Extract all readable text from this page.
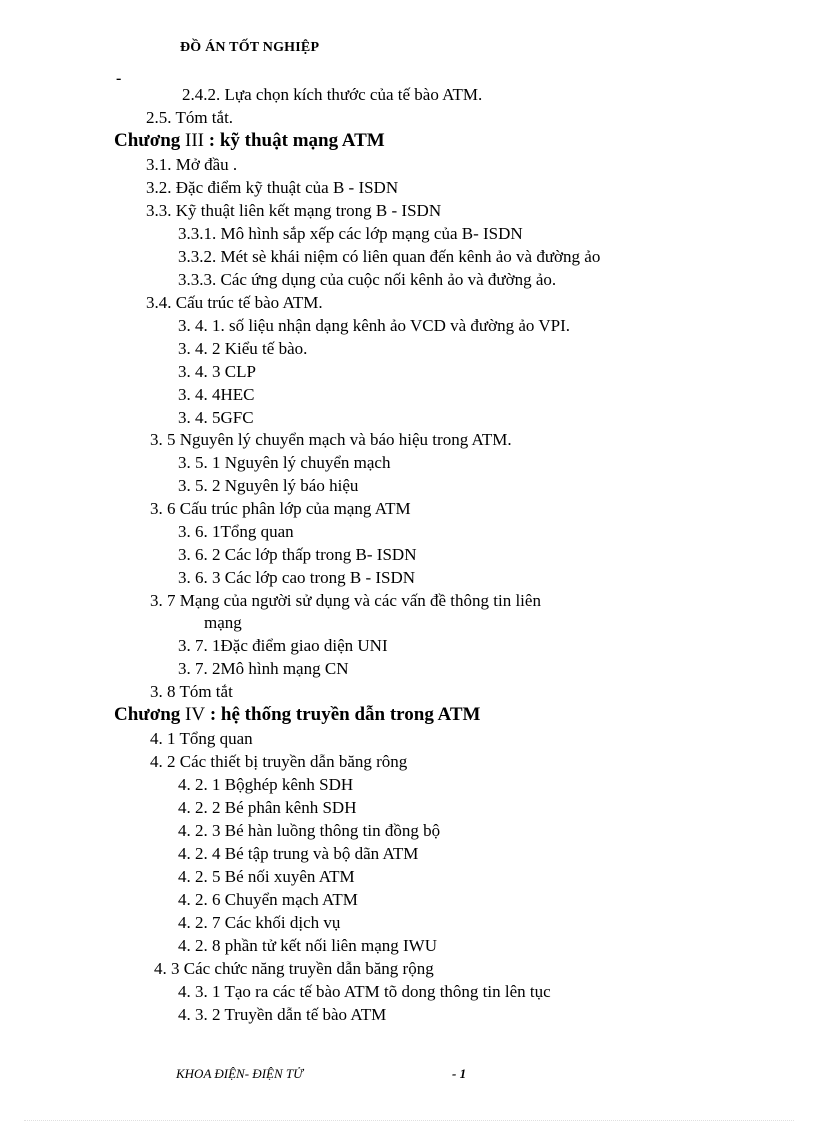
ĐỒ ÁN TỐT NGHIỆP
-
2.4.2. Lựa chọn kích thước của tế bào ATM.
2.5. Tóm tắt.
Chương III : kỹ thuật mạng ATM
3.1. Mở đầu .
3.2. Đặc điểm kỹ thuật của B - ISDN
3.3. Kỹ thuật liên kết mạng trong B - ISDN
3.3.1. Mô hình sắp xếp các lớp mạng của B- ISDN
3.3.2. Mét sè khái niệm có liên quan đến kênh ảo và đường ảo
3.3.3. Các ứng dụng của cuộc nối kênh ảo và đường ảo.
3.4. Cấu trúc tế bào ATM.
3. 4. 1. số liệu nhận dạng kênh ảo VCD và đường ảo VPI.
3. 4. 2 Kiểu tế bào.
3. 4. 3 CLP
3. 4. 4HEC
3. 4. 5GFC
3. 5 Nguyên lý chuyển mạch và báo hiệu trong ATM.
3. 5. 1 Nguyên lý chuyển mạch
3. 5. 2 Nguyên lý báo hiệu
3. 6 Cấu trúc phân lớp của mạng ATM
3. 6. 1Tổng quan
3. 6. 2 Các lớp thấp trong B- ISDN
3. 6. 3 Các lớp cao trong B - ISDN
3. 7 Mạng của người sử dụng và các vấn đề thông tin liên
mạng
3. 7. 1Đặc điểm giao diện UNI
3. 7. 2Mô hình mạng CN
3. 8 Tóm tắt
Chương IV : hệ thống truyền dẫn trong ATM
4. 1 Tổng quan
4. 2 Các thiết bị truyền dẫn băng rông
4. 2. 1 Bộghép kênh SDH
4. 2. 2 Bé phân kênh SDH
4. 2. 3 Bé hàn luồng thông tin đồng bộ
4. 2. 4 Bé tập trung và bộ dãn ATM
4. 2. 5 Bé nối xuyên ATM
4. 2. 6 Chuyển mạch ATM
4. 2. 7 Các khối dịch vụ
4. 2. 8 phần tử kết nối liên mạng IWU
4. 3 Các chức năng truyền dẫn băng rộng
4. 3. 1 Tạo ra các tế bào ATM tõ dong thông tin lên tục
4. 3. 2 Truyền dẫn tế bào ATM
KHOA ĐIỆN- ĐIỆN TỬ	- 1
